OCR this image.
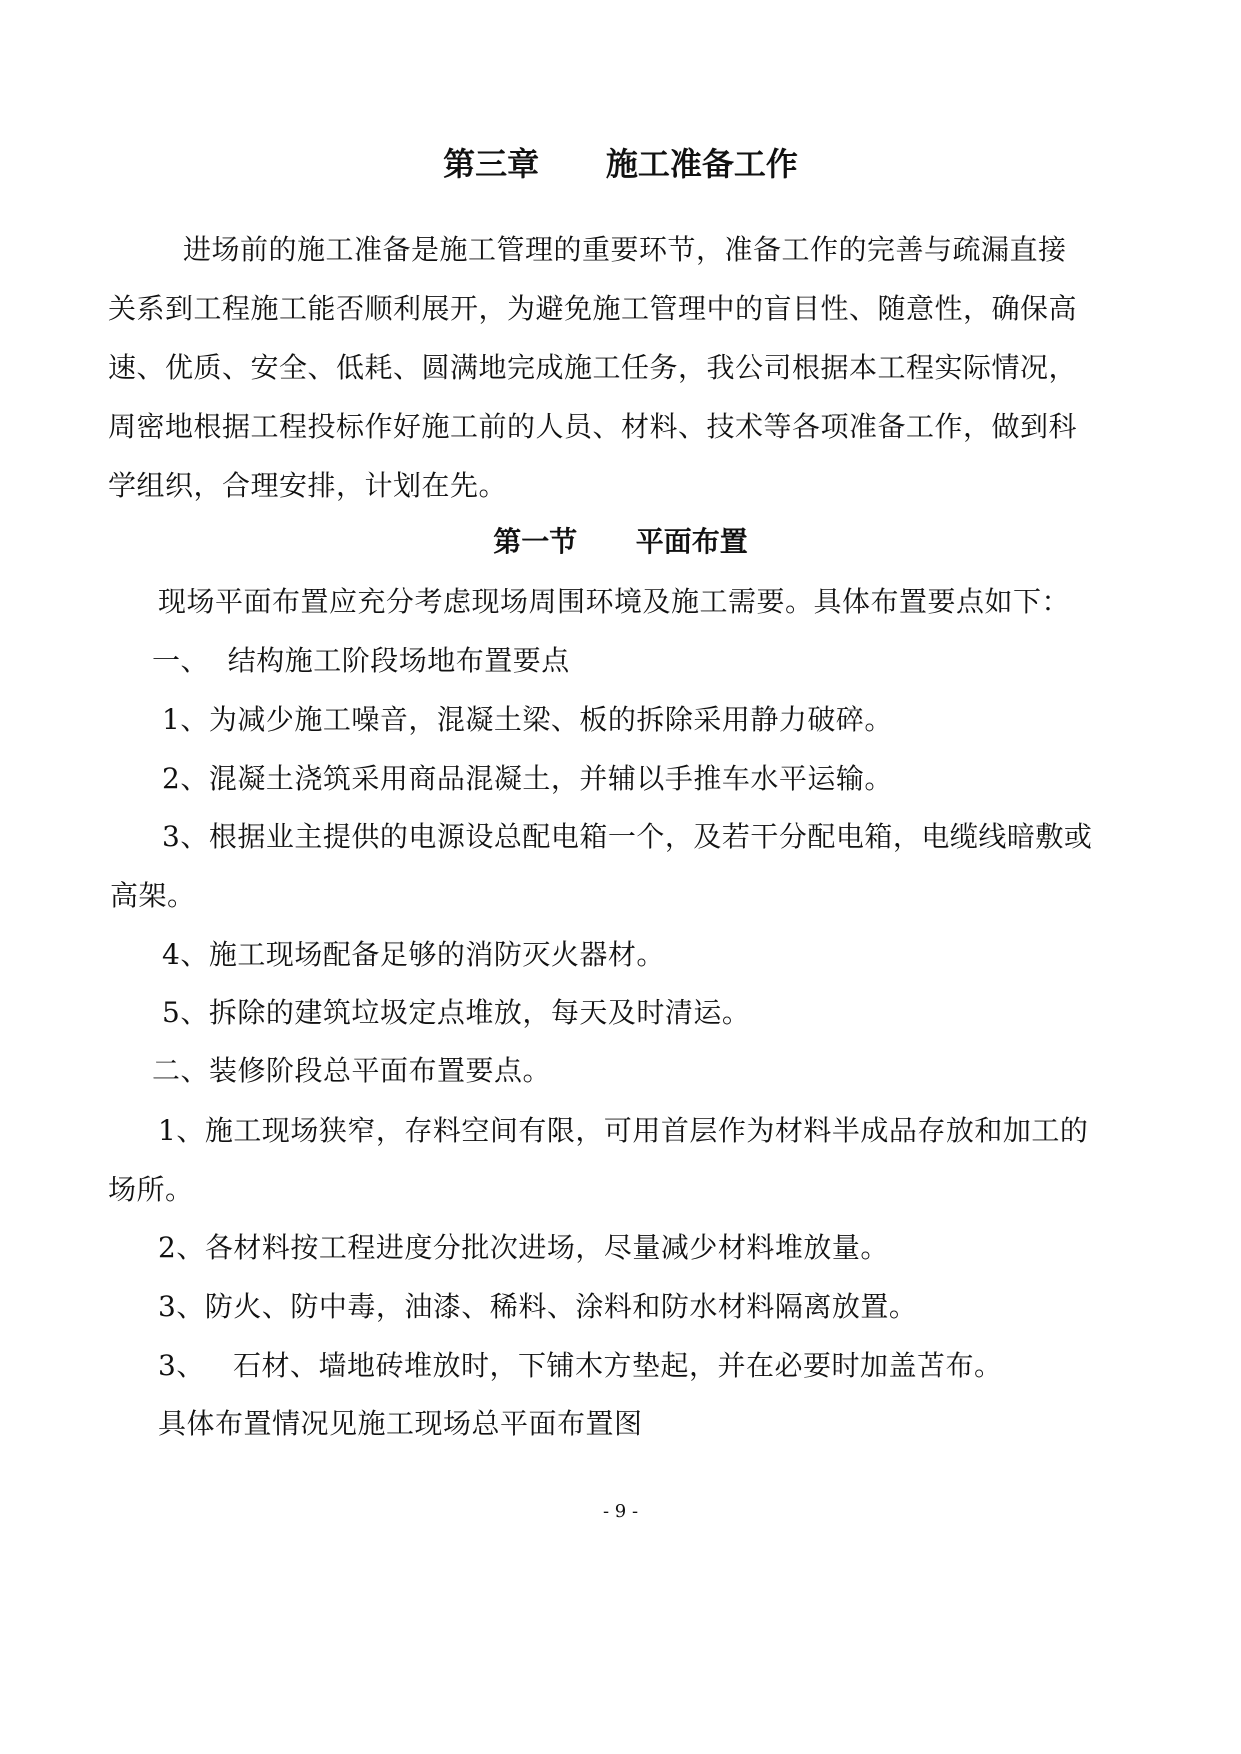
第三章      施工准备工作
进场前的施工准备是施工管理的重要环节，准备工作的完善与疏漏直接
关系到工程施工能否顺利展开，为避免施工管理中的盲目性、随意性，确保高
速、优质、安全、低耗、圆满地完成施工任务，我公司根据本工程实际情况，
周密地根据工程投标作好施工前的人员、材料、技术等各项准备工作，做到科
学组织，合理安排，计划在先。
第一节      平面布置
现场平面布置应充分考虑现场周围环境及施工需要。具体布置要点如下：
一、  结构施工阶段场地布置要点
1、为减少施工噪音，混凝土梁、板的拆除采用静力破碎。
2、混凝土浇筑采用商品混凝土，并辅以手推车水平运输。
3、根据业主提供的电源设总配电箱一个，及若干分配电箱，电缆线暗敷或
高架。
4、施工现场配备足够的消防灭火器材。
5、拆除的建筑垃圾定点堆放，每天及时清运。
二、装修阶段总平面布置要点。
1、施工现场狭窄，存料空间有限，可用首层作为材料半成品存放和加工的
场所。
2、各材料按工程进度分批次进场，尽量减少材料堆放量。
3、防火、防中毒，油漆、稀料、涂料和防水材料隔离放置。
3、   石材、墙地砖堆放时，下铺木方垫起，并在必要时加盖苫布。
具体布置情况见施工现场总平面布置图
- 9 -
